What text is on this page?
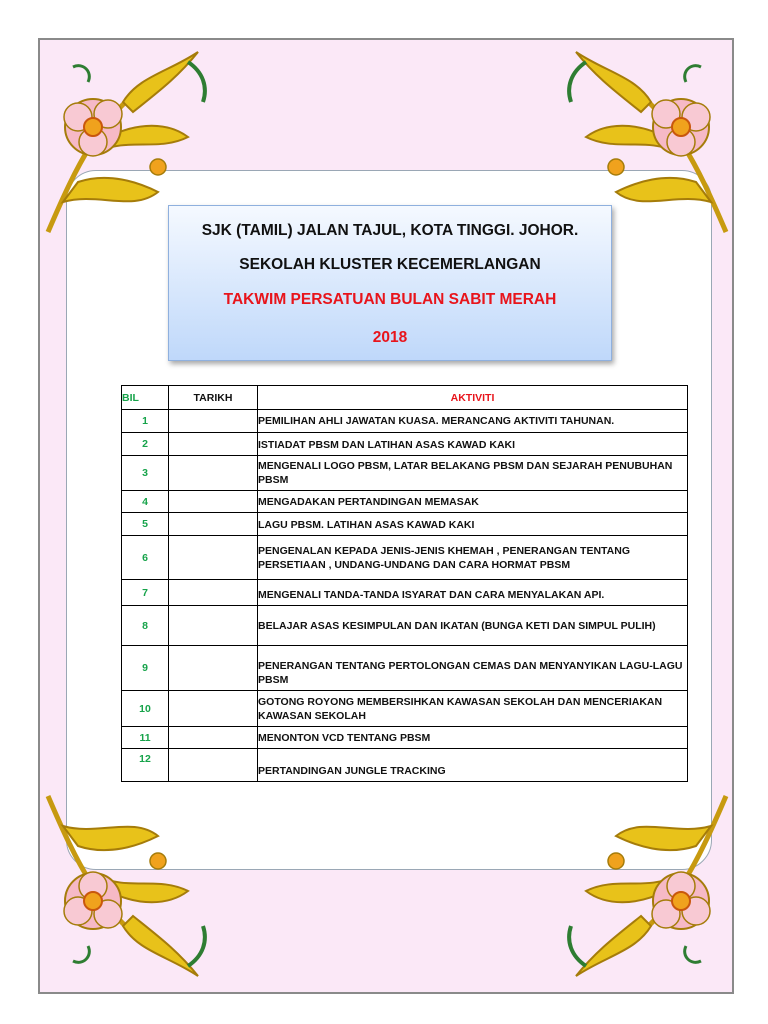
SJK (TAMIL) JALAN TAJUL, KOTA TINGGI. JOHOR.
SEKOLAH KLUSTER KECEMERLANGAN
TAKWIM PERSATUAN BULAN SABIT MERAH
2018
BIL	TARIKH	AKTIVITI
1		PEMILIHAN AHLI JAWATAN KUASA. MERANCANG AKTIVITI TAHUNAN.
2		ISTIADAT PBSM DAN LATIHAN ASAS KAWAD KAKI
3		MENGENALI LOGO PBSM, LATAR BELAKANG PBSM DAN SEJARAH PENUBUHAN PBSM
4		MENGADAKAN PERTANDINGAN MEMASAK
5		LAGU PBSM. LATIHAN ASAS KAWAD KAKI
6		PENGENALAN KEPADA JENIS-JENIS KHEMAH , PENERANGAN TENTANG PERSETIAAN , UNDANG-UNDANG DAN CARA HORMAT PBSM
7		MENGENALI TANDA-TANDA ISYARAT DAN CARA MENYALAKAN API.
8		BELAJAR ASAS KESIMPULAN DAN IKATAN (BUNGA KETI DAN SIMPUL PULIH)
9		PENERANGAN TENTANG PERTOLONGAN CEMAS DAN MENYANYIKAN LAGU-LAGU PBSM
10		GOTONG ROYONG MEMBERSIHKAN KAWASAN SEKOLAH DAN MENCERIAKAN KAWASAN SEKOLAH
11		MENONTON VCD TENTANG PBSM
12		PERTANDINGAN JUNGLE TRACKING
